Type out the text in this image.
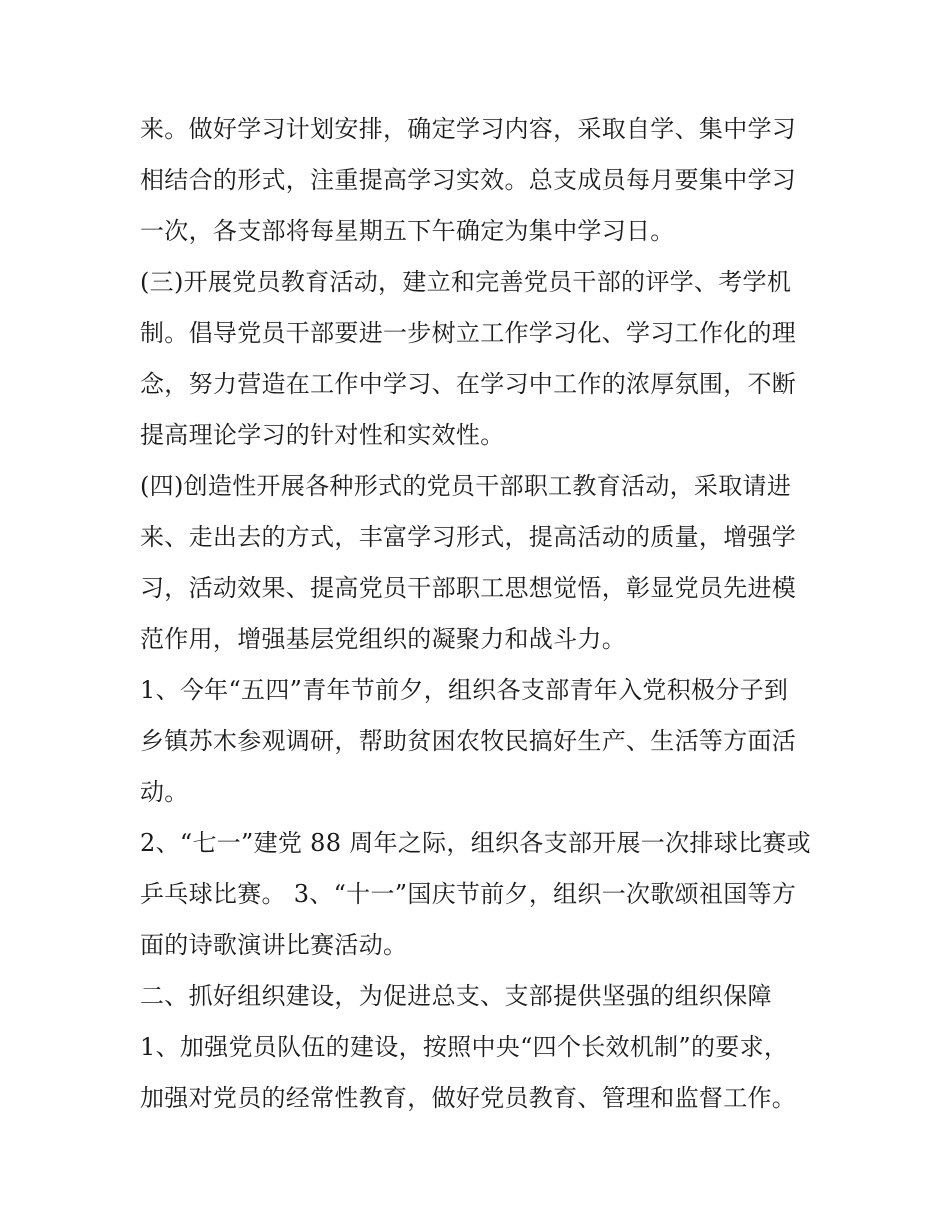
来。做好学习计划安排，确定学习内容，采取自学、集中学习
相结合的形式，注重提高学习实效。总支成员每月要集中学习
一次，各支部将每星期五下午确定为集中学习日。
(三)开展党员教育活动，建立和完善党员干部的评学、考学机
制。倡导党员干部要进一步树立工作学习化、学习工作化的理
念，努力营造在工作中学习、在学习中工作的浓厚氛围，不断
提高理论学习的针对性和实效性。
(四)创造性开展各种形式的党员干部职工教育活动，采取请进
来、走出去的方式，丰富学习形式，提高活动的质量，增强学
习，活动效果、提高党员干部职工思想觉悟，彰显党员先进模
范作用，增强基层党组织的凝聚力和战斗力。
1、今年“五四”青年节前夕，组织各支部青年入党积极分子到
乡镇苏木参观调研，帮助贫困农牧民搞好生产、生活等方面活
动。
2、“七一”建党 88 周年之际，组织各支部开展一次排球比赛或
乒乓球比赛。 3、“十一”国庆节前夕，组织一次歌颂祖国等方
面的诗歌演讲比赛活动。
二、抓好组织建设，为促进总支、支部提供坚强的组织保障
1、加强党员队伍的建设，按照中央“四个长效机制”的要求，
加强对党员的经常性教育，做好党员教育、管理和监督工作。
